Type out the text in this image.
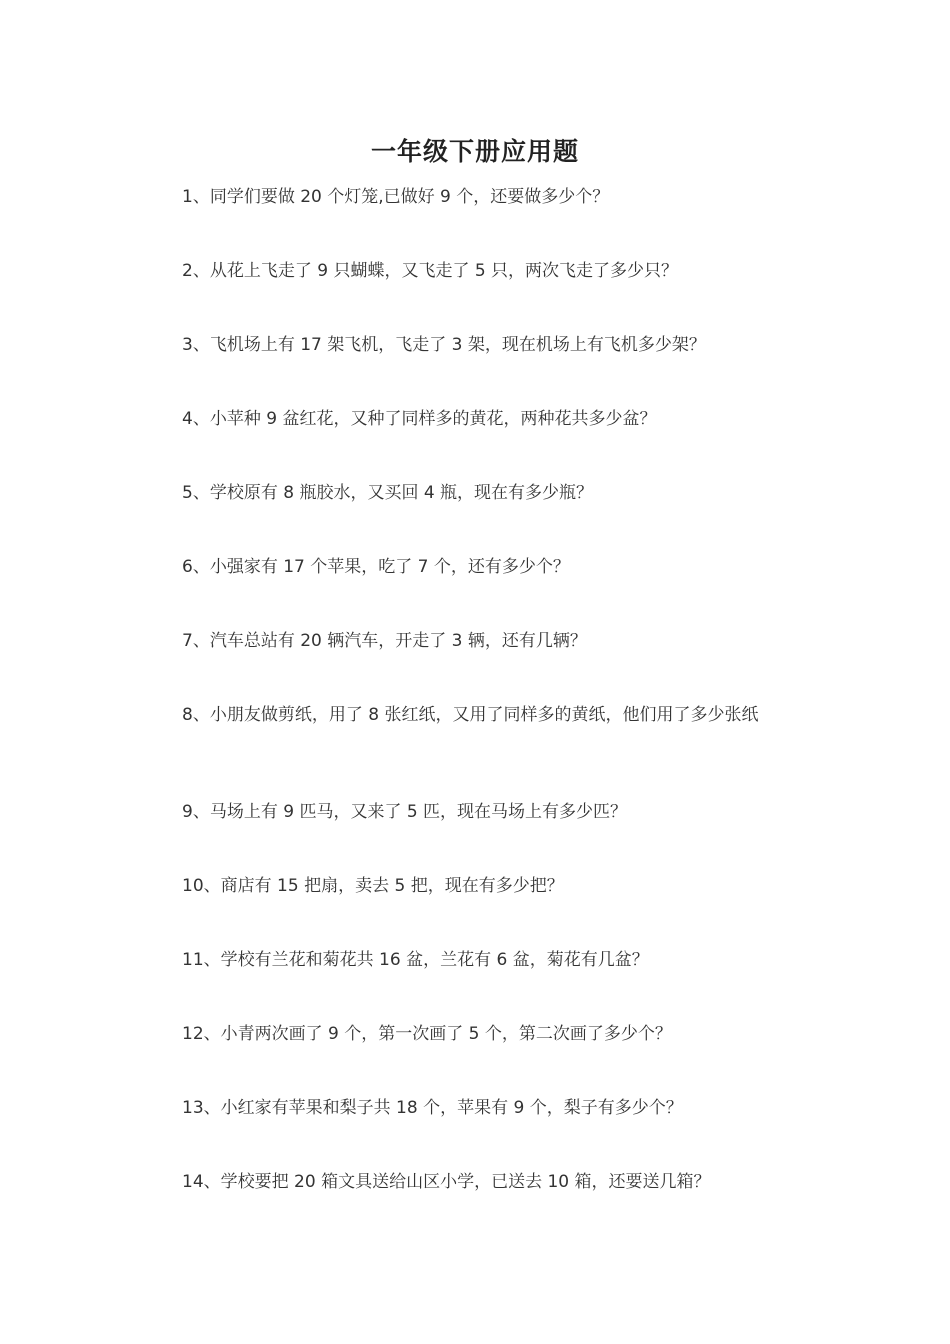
一年级下册应用题
1、同学们要做 20 个灯笼,已做好 9 个，还要做多少个？
2、从花上飞走了 9 只蝴蝶，又飞走了 5 只，两次飞走了多少只？
3、飞机场上有 17 架飞机，飞走了 3 架，现在机场上有飞机多少架？
4、小苹种 9 盆红花，又种了同样多的黄花，两种花共多少盆？
5、学校原有 8 瓶胶水，又买回 4 瓶，现在有多少瓶？
6、小强家有 17 个苹果，吃了 7 个，还有多少个？
7、汽车总站有 20 辆汽车，开走了 3 辆，还有几辆？
8、小朋友做剪纸，用了 8 张红纸，又用了同样多的黄纸，他们用了多少张纸
9、马场上有 9 匹马，又来了 5 匹，现在马场上有多少匹？
10、商店有 15 把扇，卖去 5 把，现在有多少把？
11、学校有兰花和菊花共 16 盆，兰花有 6 盆，菊花有几盆？
12、小青两次画了 9 个，第一次画了 5 个，第二次画了多少个？
13、小红家有苹果和梨子共 18 个，苹果有 9 个，梨子有多少个？
14、学校要把 20 箱文具送给山区小学，已送去 10 箱，还要送几箱？
